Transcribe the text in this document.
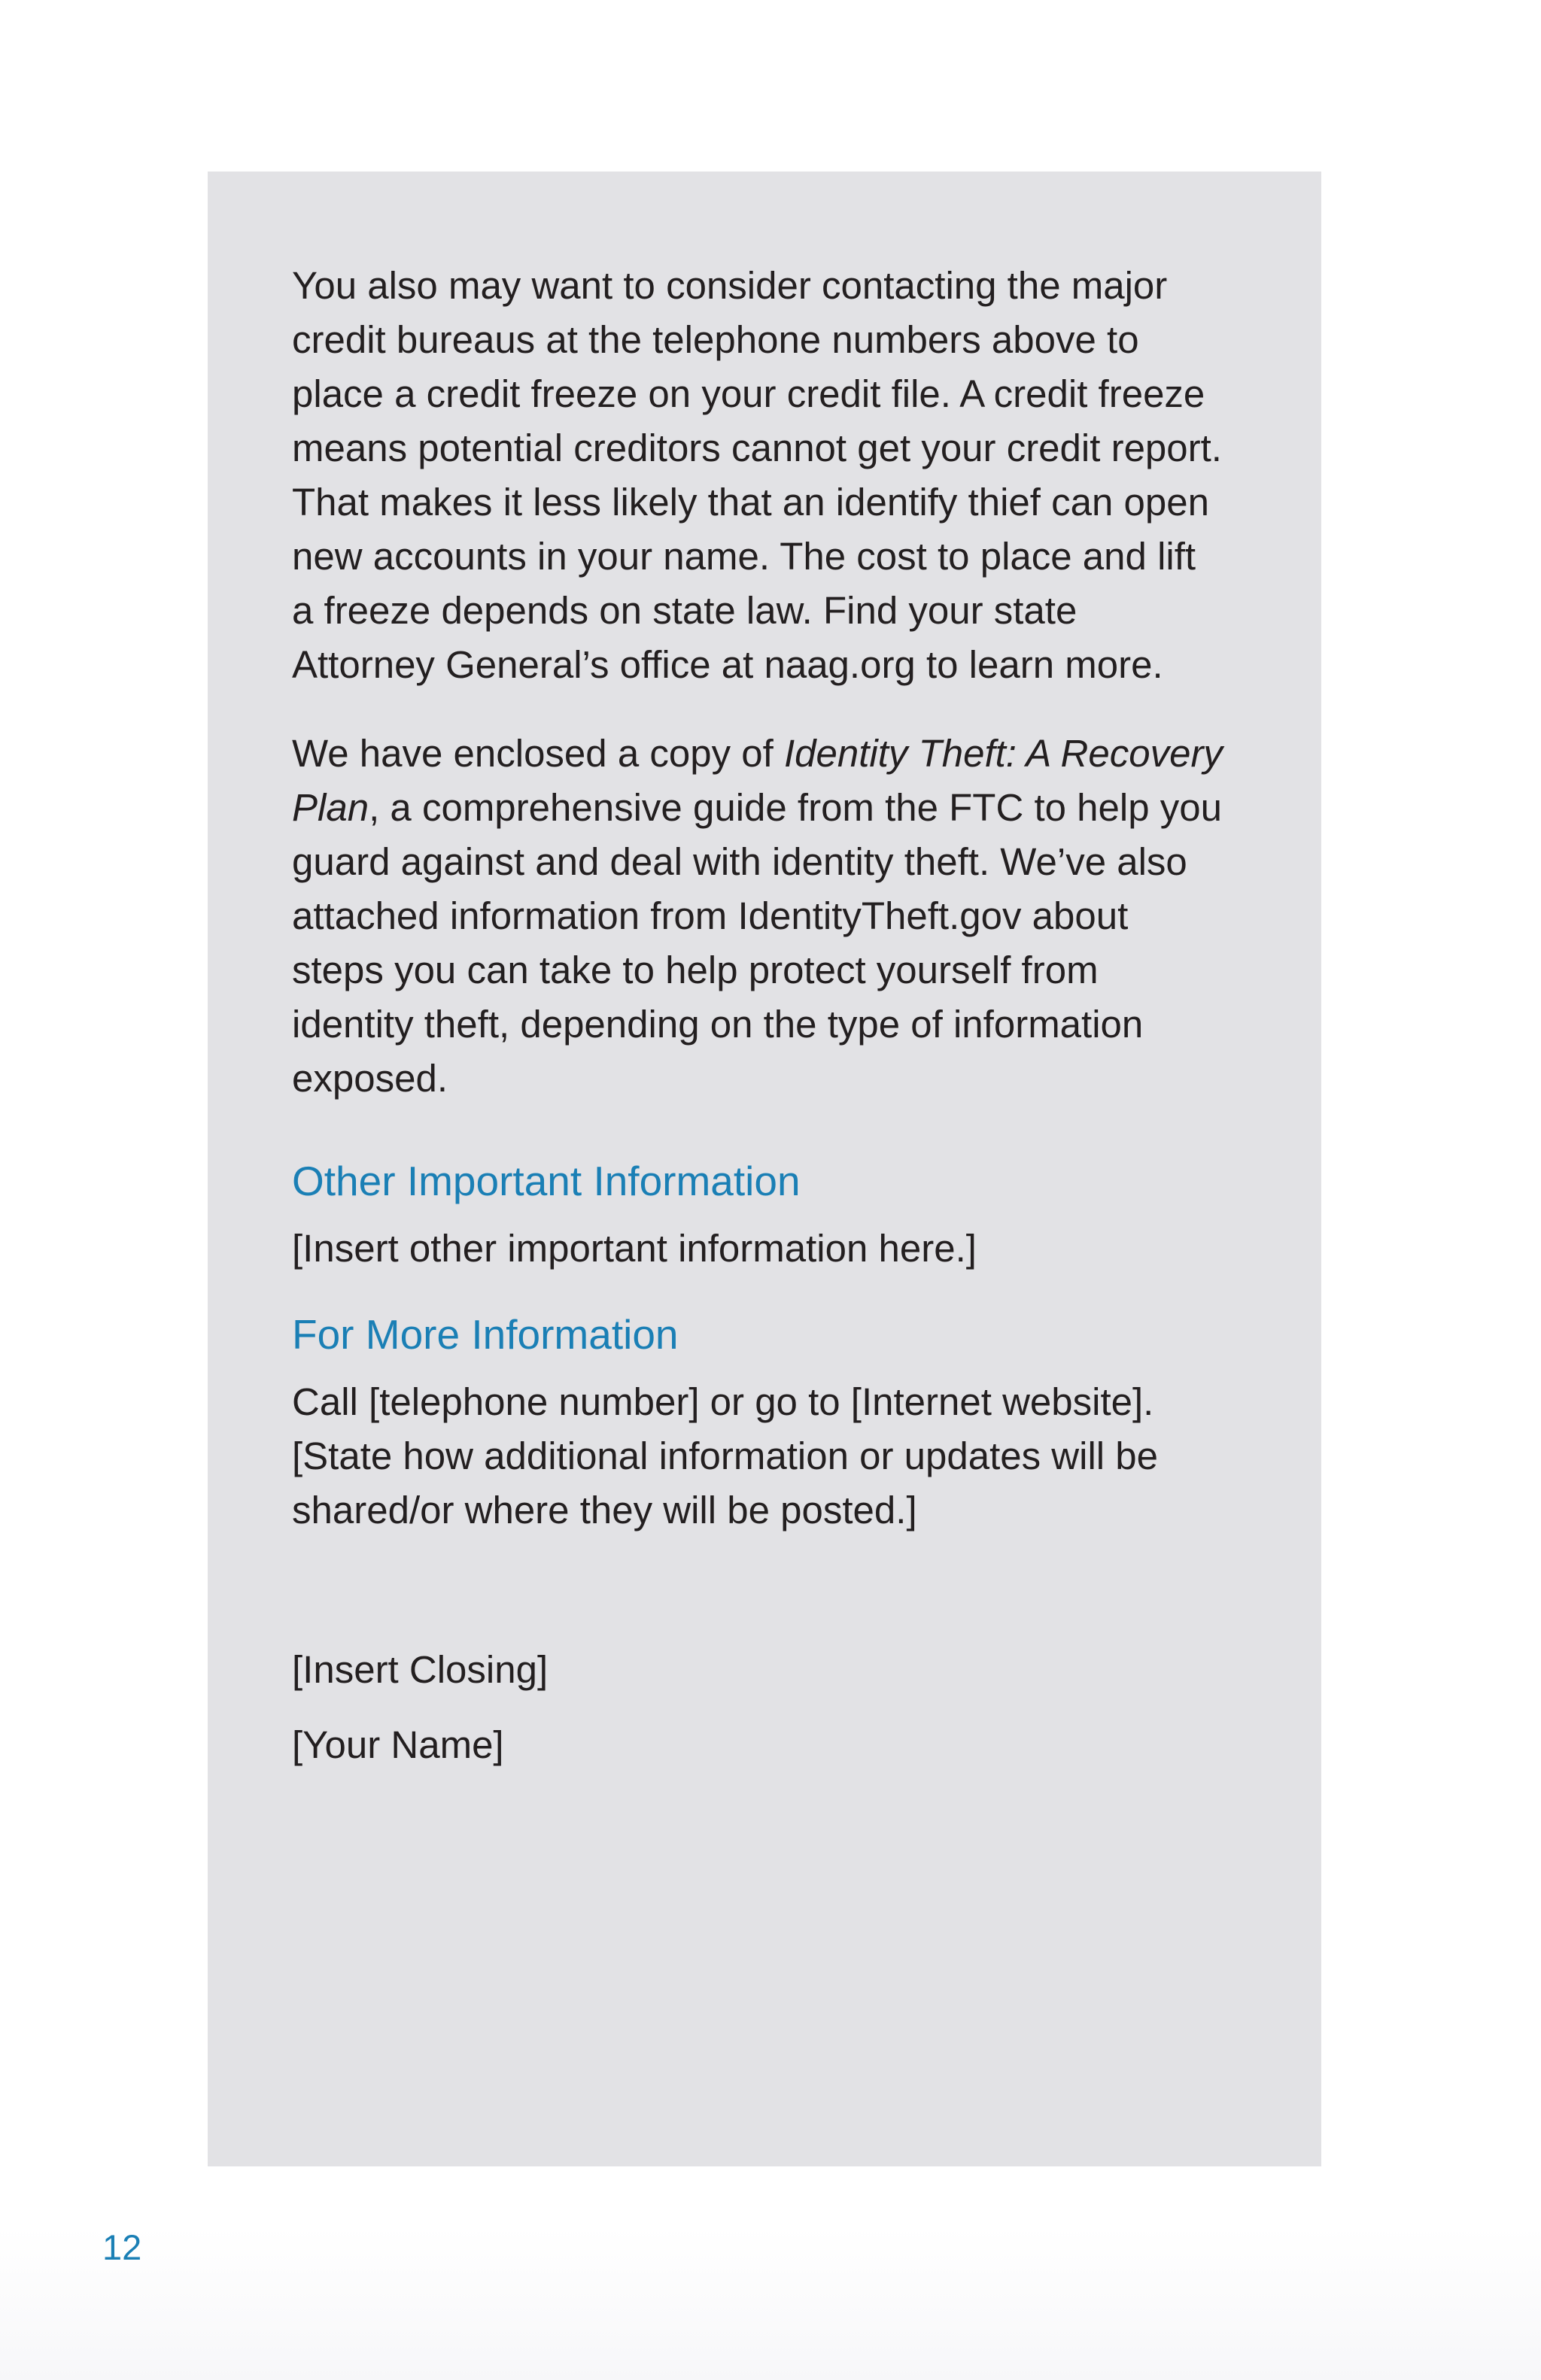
You also may want to consider contacting the major credit bureaus at the telephone numbers above to place a credit freeze on your credit file. A credit freeze means potential creditors cannot get your credit report. That makes it less likely that an identify thief can open new accounts in your name. The cost to place and lift a freeze depends on state law. Find your state Attorney General’s office at naag.org to learn more.

We have enclosed a copy of Identity Theft: A Recovery Plan, a comprehensive guide from the FTC to help you guard against and deal with identity theft. We’ve also attached information from IdentityTheft.gov about steps you can take to help protect yourself from identity theft, depending on the type of information exposed.

Other Important Information

[Insert other important information here.]

For More Information

Call [telephone number] or go to [Internet website]. [State how additional information or updates will be shared/or where they will be posted.]

[Insert Closing]

[Your Name]

12
